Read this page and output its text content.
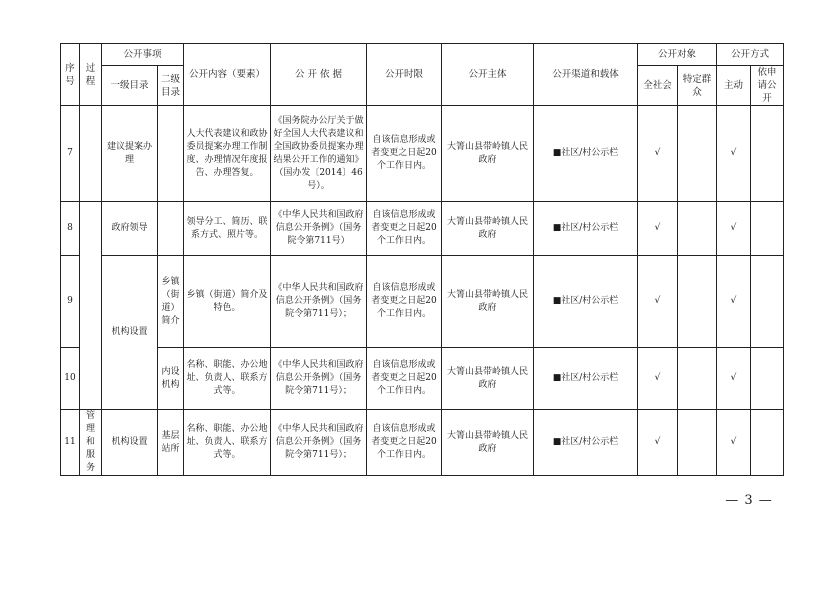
序号	过程	公开事项		公开内容（要素）	公 开 依 据	公开时限	公开主体	公开渠道和载体	公开对象		公开方式	
		一级目录	二级目录						全社会	特定群众	主动	依申请公开
7		建议提案办理		人大代表建议和政协委员提案办理工作制度、办理情况年度报告、办理答复。	《国务院办公厅关于做好全国人大代表建议和全国政协委员提案办理结果公开工作的通知》（国办发〔2014〕46号）。	自该信息形成或者变更之日起20个工作日内。	大箐山县带岭镇人民政府	■社区/村公示栏	√		√	
8		政府领导		领导分工、简历、联系方式、照片等。	《中华人民共和国政府信息公开条例》（国务院令第711号）	自该信息形成或者变更之日起20个工作日内。	大箐山县带岭镇人民政府	■社区/村公示栏	√		√	
9		机构设置	乡镇（街道）简介	乡镇（街道）简介及特色。	《中华人民共和国政府信息公开条例》（国务院令第711号）；	自该信息形成或者变更之日起20个工作日内。	大箐山县带岭镇人民政府	■社区/村公示栏	√		√	
10			内设机构	名称、职能、办公地址、负责人、联系方式等。	《中华人民共和国政府信息公开条例》（国务院令第711号）；	自该信息形成或者变更之日起20个工作日内。	大箐山县带岭镇人民政府	■社区/村公示栏	√		√	
11	管理和服务	机构设置	基层站所	名称、职能、办公地址、负责人、联系方式等。	《中华人民共和国政府信息公开条例》（国务院令第711号）；	自该信息形成或者变更之日起20个工作日内。	大箐山县带岭镇人民政府	■社区/村公示栏	√		√	
— 3 —
